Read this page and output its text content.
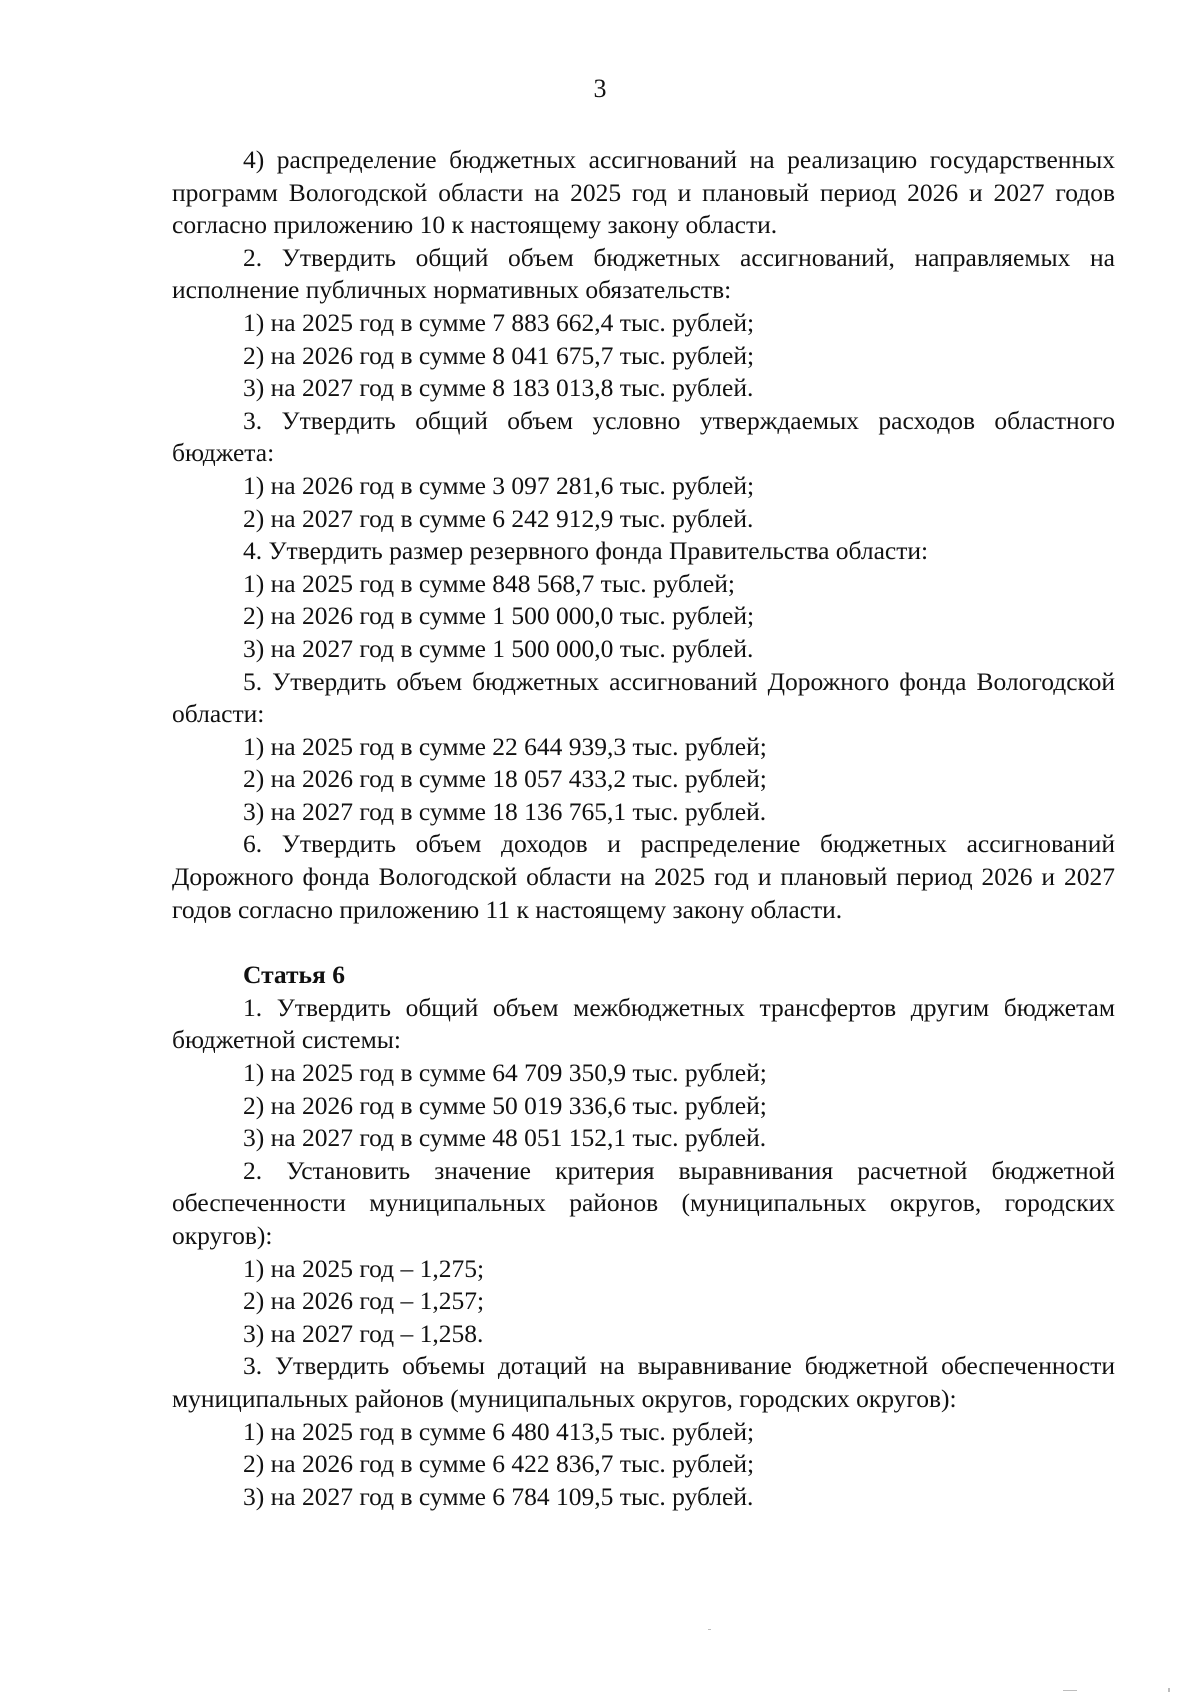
3

4) распределение бюджетных ассигнований на реализацию государственных программ Вологодской области на 2025 год и плановый период 2026 и 2027 годов согласно приложению 10 к настоящему закону области.

2. Утвердить общий объем бюджетных ассигнований, направляемых на исполнение публичных нормативных обязательств:

1) на 2025 год в сумме 7 883 662,4 тыс. рублей;

2) на 2026 год в сумме 8 041 675,7 тыс. рублей;

3) на 2027 год в сумме 8 183 013,8 тыс. рублей.

3. Утвердить общий объем условно утверждаемых расходов областного бюджета:

1) на 2026 год в сумме 3 097 281,6 тыс. рублей;

2) на 2027 год в сумме 6 242 912,9 тыс. рублей.

4. Утвердить размер резервного фонда Правительства области:

1) на 2025 год в сумме 848 568,7 тыс. рублей;

2) на 2026 год в сумме 1 500 000,0 тыс. рублей;

3) на 2027 год в сумме 1 500 000,0 тыс. рублей.

5. Утвердить объем бюджетных ассигнований Дорожного фонда Вологодской области:

1) на 2025 год в сумме 22 644 939,3 тыс. рублей;

2) на 2026 год в сумме 18 057 433,2 тыс. рублей;

3) на 2027 год в сумме 18 136 765,1 тыс. рублей.

6. Утвердить объем доходов и распределение бюджетных ассигнований Дорожного фонда Вологодской области на 2025 год и плановый период 2026 и 2027 годов согласно приложению 11 к настоящему закону области.

Статья 6

1. Утвердить общий объем межбюджетных трансфертов другим бюджетам бюджетной системы:

1) на 2025 год в сумме 64 709 350,9 тыс. рублей;

2) на 2026 год в сумме 50 019 336,6 тыс. рублей;

3) на 2027 год в сумме 48 051 152,1 тыс. рублей.

2. Установить значение критерия выравнивания расчетной бюджетной обеспеченности муниципальных районов (муниципальных округов, городских округов):

1) на 2025 год – 1,275;

2) на 2026 год – 1,257;

3) на 2027 год – 1,258.

3. Утвердить объемы дотаций на выравнивание бюджетной обеспеченности муниципальных районов (муниципальных округов, городских округов):

1) на 2025 год в сумме 6 480 413,5 тыс. рублей;

2) на 2026 год в сумме 6 422 836,7 тыс. рублей;

3) на 2027 год в сумме 6 784 109,5 тыс. рублей.
